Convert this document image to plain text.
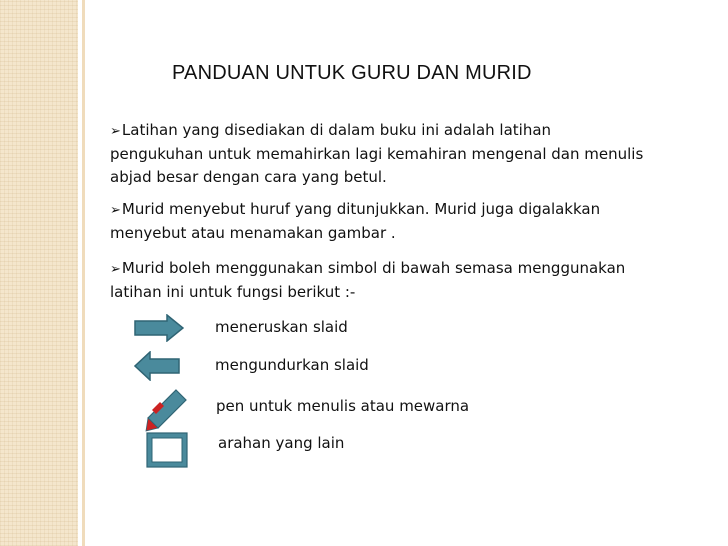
PANDUAN UNTUK GURU DAN MURID
➢Latihan yang disediakan di dalam buku ini adalah latihan
pengukuhan untuk memahirkan lagi kemahiran mengenal dan menulis
abjad besar dengan cara yang betul.
➢Murid menyebut huruf yang ditunjukkan. Murid juga digalakkan
menyebut atau menamakan gambar .
➢Murid boleh menggunakan simbol di bawah semasa menggunakan
latihan ini untuk fungsi berikut :-
meneruskan slaid
mengundurkan slaid
pen untuk menulis atau mewarna
arahan yang lain
